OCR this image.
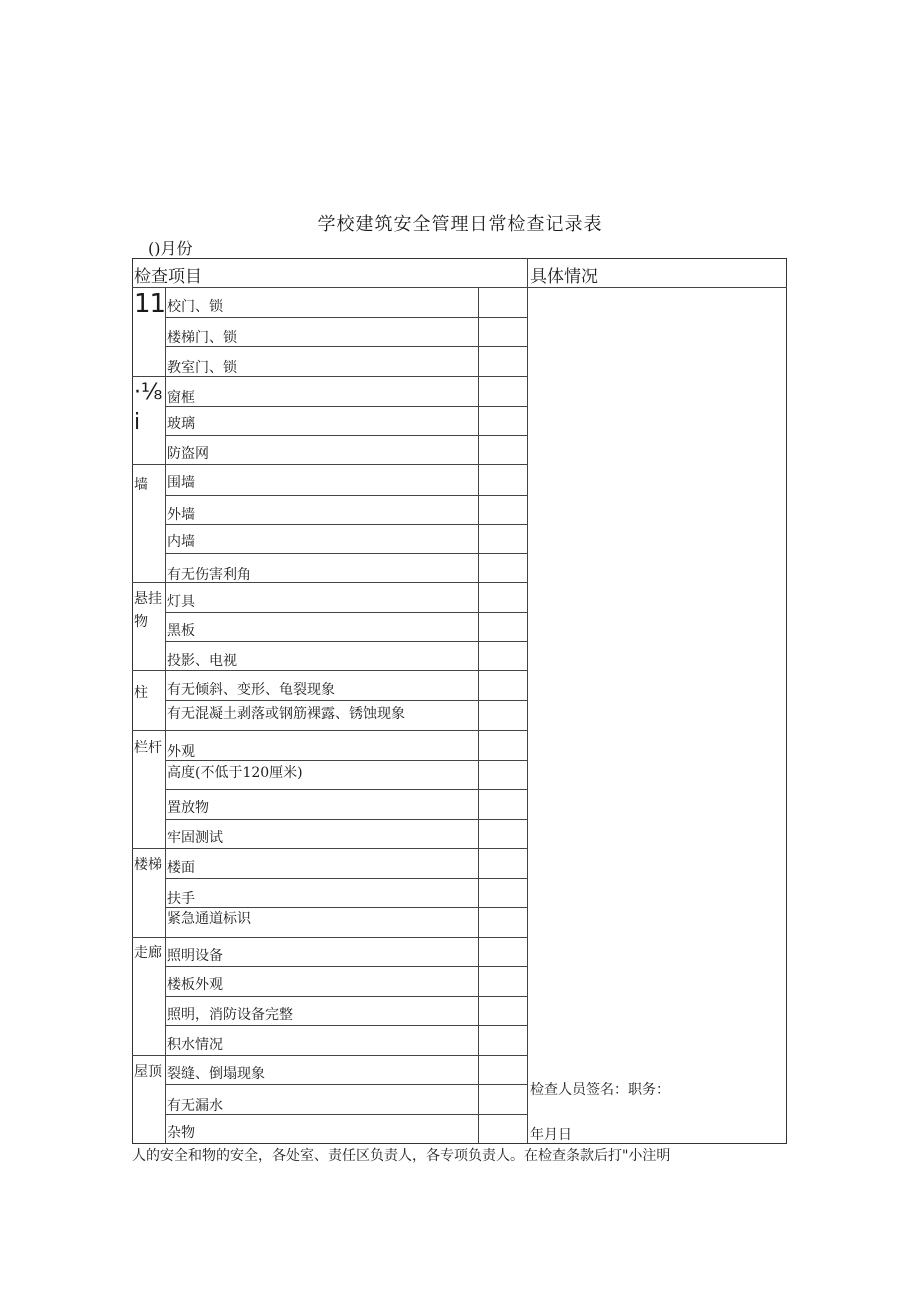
学校建筑安全管理日常检查记录表
()月份
检查项目	具体情况
11
·⅛
i
墙
悬挂
物
柱
栏杆
楼梯
走廊
屋顶
校门、锁
楼梯门、锁
教室门、锁
窗框
玻璃
防盗网
围墙
外墙
内墙
有无伤害利角
灯具
黑板
投影、电视
有无倾斜、变形、龟裂现象
有无混凝土剥落或钢筋裸露、锈蚀现象
外观
高度(不低于120厘米)
置放物
牢固测试
楼面
扶手
紧急通道标识
照明设备
楼板外观
照明，消防设备完整
积水情况
裂缝、倒塌现象
有无漏水
杂物
检查人员签名：职务：
年月日
人的安全和物的安全，各处室、责任区负责人，各专项负责人。在检查条款后打"小注明
